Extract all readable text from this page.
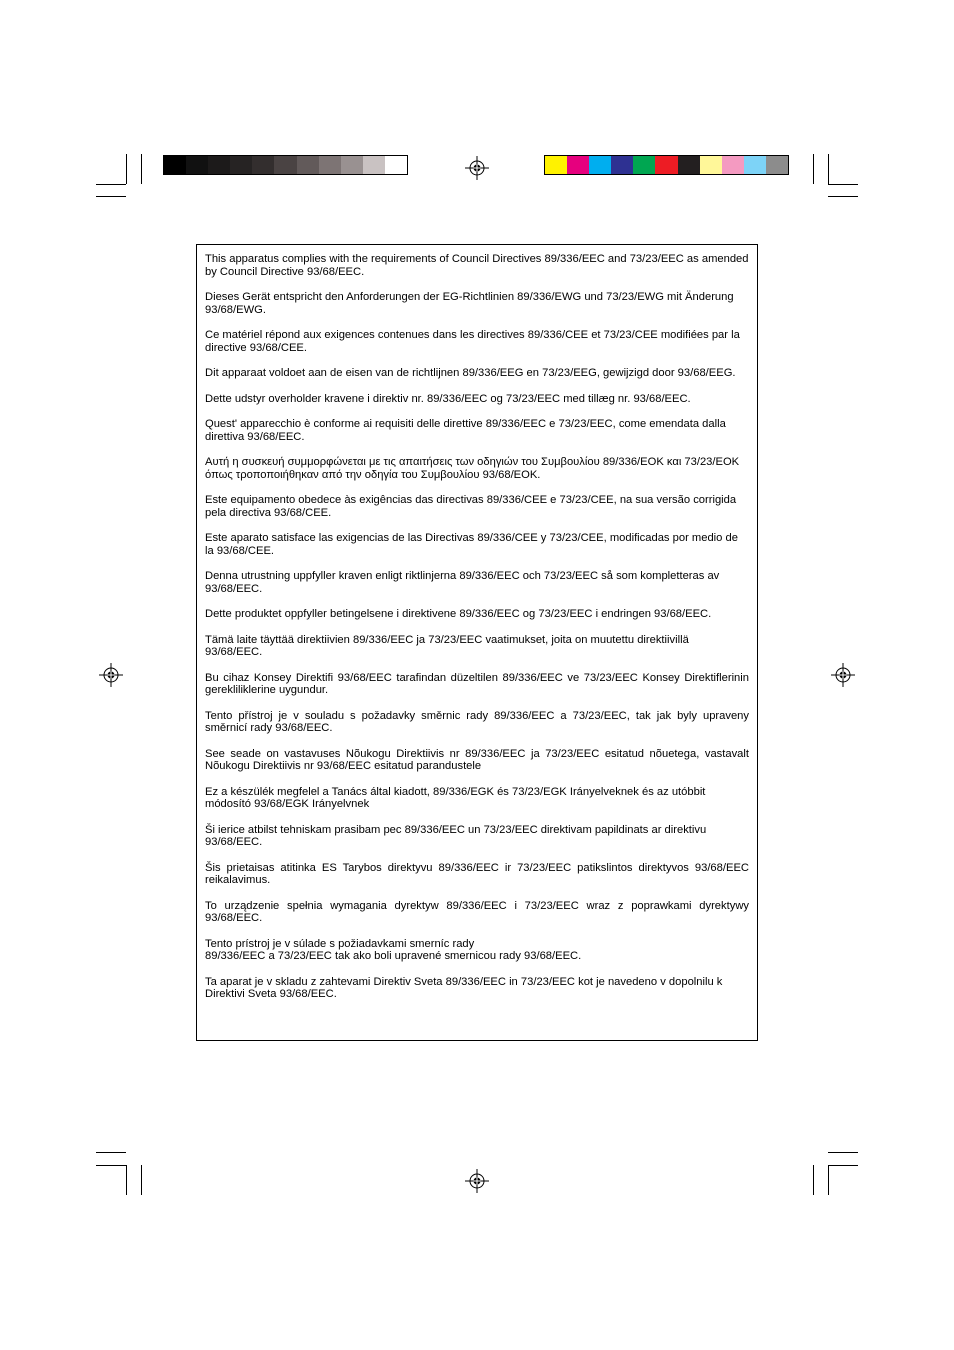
This apparatus complies with the requirements of Council Directives 89/336/EEC and 73/23/EEC as amended by Council Directive 93/68/EEC.

Dieses Gerät entspricht den Anforderungen der EG-Richtlinien 89/336/EWG und 73/23/EWG mit Änderung 93/68/EWG.

Ce matériel répond aux exigences contenues dans les directives 89/336/CEE et 73/23/CEE modifiées par la directive 93/68/CEE.

Dit apparaat voldoet aan de eisen van de richtlijnen 89/336/EEG en 73/23/EEG, gewijzigd door 93/68/EEG.

Dette udstyr overholder kravene i direktiv nr. 89/336/EEC og 73/23/EEC med tillæg nr. 93/68/EEC.

Quest' apparecchio è conforme ai requisiti delle direttive 89/336/EEC e 73/23/EEC, come emendata dalla direttiva 93/68/EEC.

Αυτή η συσκευή συμμορφώνεται με τις απαιτήσεις των οδηγιών του Συμβουλίου 89/336/ΕΟΚ και 73/23/ΕΟΚ όπως τροποποιήθηκαν από την οδηγία του Συμβουλίου 93/68/ΕΟΚ.

Este equipamento obedece às exigências das directivas 89/336/CEE e 73/23/CEE, na sua versão corrigida pela directiva 93/68/CEE.

Este aparato satisface las exigencias de las Directivas 89/336/CEE y 73/23/CEE, modificadas por medio de la 93/68/CEE.

Denna utrustning uppfyller kraven enligt riktlinjerna 89/336/EEC och 73/23/EEC så som kompletteras av 93/68/EEC.

Dette produktet oppfyller betingelsene i direktivene 89/336/EEC og 73/23/EEC i endringen 93/68/EEC.

Tämä laite täyttää direktiivien 89/336/EEC ja 73/23/EEC vaatimukset, joita on muutettu direktiivillä 93/68/EEC.

Bu cihaz Konsey Direktifi 93/68/EEC tarafindan düzeltilen 89/336/EEC ve 73/23/EEC Konsey Direktiflerinin gerekliliklerine uygundur.

Tento přístroj je v souladu s požadavky směrnic rady 89/336/EEC a 73/23/EEC, tak jak byly upraveny směrnicí rady 93/68/EEC.

See seade on vastavuses Nõukogu Direktiivis nr 89/336/EEC ja 73/23/EEC esitatud nõuetega, vastavalt Nõukogu Direktiivis nr 93/68/EEC esitatud parandustele

Ez a készülék megfelel a Tanács által kiadott, 89/336/EGK és 73/23/EGK Irányelveknek és az utóbbit módosító 93/68/EGK Irányelvnek

Ši ierice atbilst tehniskam prasibam pec 89/336/EEC un 73/23/EEC direktivam papildinats ar direktivu 93/68/EEC.

Šis prietaisas atitinka ES Tarybos direktyvu 89/336/EEC ir 73/23/EEC patikslintos direktyvos 93/68/EEC reikalavimus.

To urządzenie spełnia wymagania dyrektyw 89/336/EEC i 73/23/EEC wraz z poprawkami dyrektywy 93/68/EEC.

Tento prístroj je v súlade s požiadavkami smerníc rady
89/336/EEC a 73/23/EEC tak ako boli upravené smernicou rady 93/68/EEC.

Ta aparat je v skladu z zahtevami Direktiv Sveta 89/336/EEC in 73/23/EEC kot je navedeno v dopolnilu k Direktivi Sveta 93/68/EEC.
